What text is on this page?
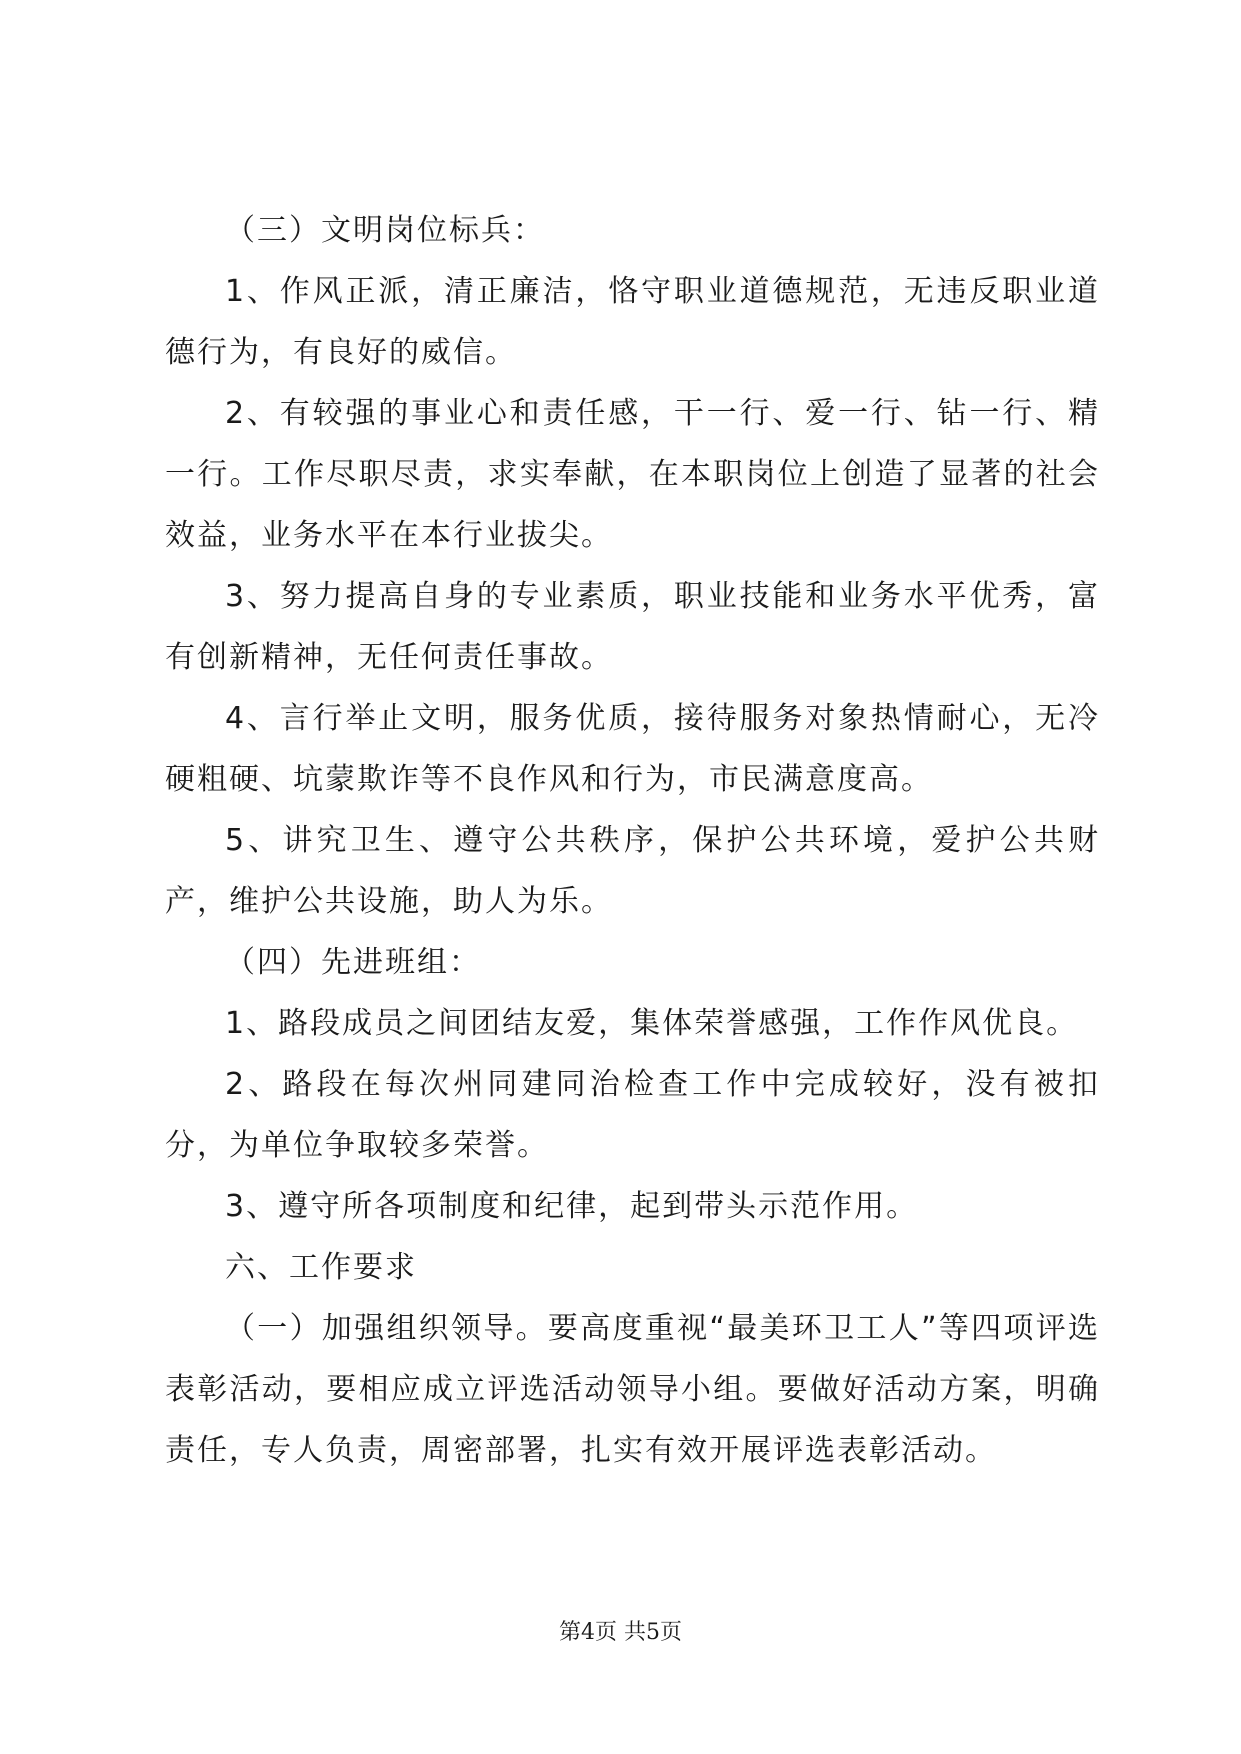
（三）文明岗位标兵：

1、作风正派，清正廉洁，恪守职业道德规范，无违反职业道德行为，有良好的威信。

2、有较强的事业心和责任感，干一行、爱一行、钻一行、精一行。工作尽职尽责，求实奉献，在本职岗位上创造了显著的社会效益，业务水平在本行业拔尖。

3、努力提高自身的专业素质，职业技能和业务水平优秀，富有创新精神，无任何责任事故。

4、言行举止文明，服务优质，接待服务对象热情耐心，无冷硬粗硬、坑蒙欺诈等不良作风和行为，市民满意度高。

5、讲究卫生、遵守公共秩序，保护公共环境，爱护公共财产，维护公共设施，助人为乐。

（四）先进班组：

1、路段成员之间团结友爱，集体荣誉感强，工作作风优良。

2、路段在每次州同建同治检查工作中完成较好，没有被扣分，为单位争取较多荣誉。

3、遵守所各项制度和纪律，起到带头示范作用。

六、工作要求

（一）加强组织领导。要高度重视“最美环卫工人”等四项评选表彰活动，要相应成立评选活动领导小组。要做好活动方案，明确责任，专人负责，周密部署，扎实有效开展评选表彰活动。

第4页 共5页
